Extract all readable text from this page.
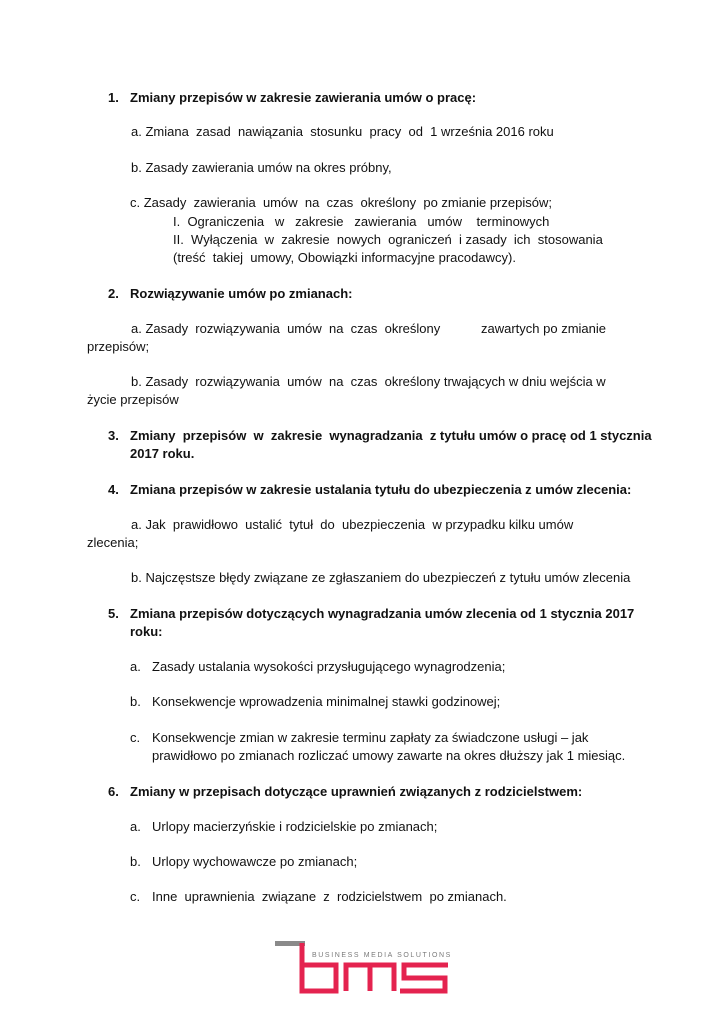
1. Zmiany przepisów w zakresie zawierania umów o pracę:
a. Zmiana  zasad  nawiązania  stosunku  pracy  od  1 września 2016 roku
b. Zasady zawierania umów na okres próbny,
c. Zasady  zawierania  umów  na  czas  określony  po zmianie przepisów;
I.  Ograniczenia   w   zakresie   zawierania   umów    terminowych
II.  Wyłączenia  w  zakresie  nowych  ograniczeń  i zasady  ich  stosowania
(treść  takiej  umowy, Obowiązki informacyjne pracodawcy).
2. Rozwiązywanie umów po zmianach:
a. Zasady  rozwiązywania  umów  na  czas  określony	zawartych po zmianie
przepisów;
b. Zasady  rozwiązywania  umów  na  czas  określony trwających w dniu wejścia w
życie przepisów
3. Zmiany  przepisów  w  zakresie  wynagradzania  z tytułu umów o pracę od 1 stycznia
2017 roku.
4. Zmiana przepisów w zakresie ustalania tytułu do ubezpieczenia z umów zlecenia:
a. Jak  prawidłowo  ustalić  tytuł  do  ubezpieczenia  w przypadku kilku umów
zlecenia;
b. Najczęstsze błędy związane ze zgłaszaniem do ubezpieczeń z tytułu umów zlecenia
5. Zmiana przepisów dotyczących wynagradzania umów zlecenia od 1 stycznia 2017
roku:
a. Zasady ustalania wysokości przysługującego wynagrodzenia;
b. Konsekwencje wprowadzenia minimalnej stawki godzinowej;
c. Konsekwencje zmian w zakresie terminu zapłaty za świadczone usługi – jak
prawidłowo po zmianach rozliczać umowy zawarte na okres dłuższy jak 1 miesiąc.
6. Zmiany w przepisach dotyczące uprawnień związanych z rodzicielstwem:
a. Urlopy macierzyńskie i rodzicielskie po zmianach;
b. Urlopy wychowawcze po zmianach;
c. Inne  uprawnienia  związane  z  rodzicielstwem  po zmianach.
BUSINESS MEDIA SOLUTIONS
bms
